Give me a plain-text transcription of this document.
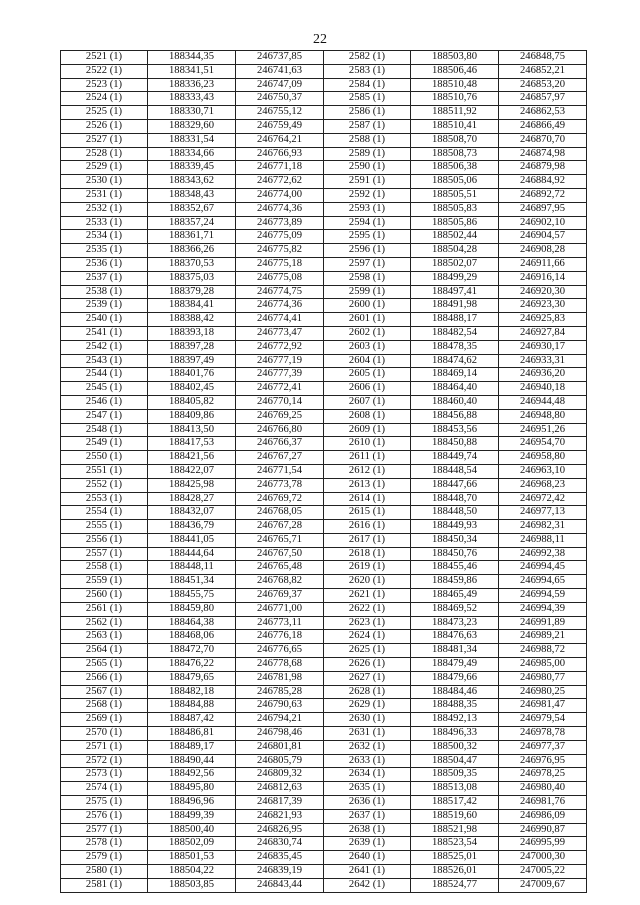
22
2521 (1)	188344,35	246737,85	2582 (1)	188503,80	246848,75
2522 (1)	188341,51	246741,63	2583 (1)	188506,46	246852,21
2523 (1)	188336,23	246747,09	2584 (1)	188510,48	246853,20
2524 (1)	188333,43	246750,37	2585 (1)	188510,76	246857,97
2525 (1)	188330,71	246755,12	2586 (1)	188511,92	246862,53
2526 (1)	188329,60	246759,49	2587 (1)	188510,41	246866,49
2527 (1)	188331,54	246764,21	2588 (1)	188508,70	246870,70
2528 (1)	188334,66	246766,93	2589 (1)	188508,73	246874,98
2529 (1)	188339,45	246771,18	2590 (1)	188506,38	246879,98
2530 (1)	188343,62	246772,62	2591 (1)	188505,06	246884,92
2531 (1)	188348,43	246774,00	2592 (1)	188505,51	246892,72
2532 (1)	188352,67	246774,36	2593 (1)	188505,83	246897,95
2533 (1)	188357,24	246773,89	2594 (1)	188505,86	246902,10
2534 (1)	188361,71	246775,09	2595 (1)	188502,44	246904,57
2535 (1)	188366,26	246775,82	2596 (1)	188504,28	246908,28
2536 (1)	188370,53	246775,18	2597 (1)	188502,07	246911,66
2537 (1)	188375,03	246775,08	2598 (1)	188499,29	246916,14
2538 (1)	188379,28	246774,75	2599 (1)	188497,41	246920,30
2539 (1)	188384,41	246774,36	2600 (1)	188491,98	246923,30
2540 (1)	188388,42	246774,41	2601 (1)	188488,17	246925,83
2541 (1)	188393,18	246773,47	2602 (1)	188482,54	246927,84
2542 (1)	188397,28	246772,92	2603 (1)	188478,35	246930,17
2543 (1)	188397,49	246777,19	2604 (1)	188474,62	246933,31
2544 (1)	188401,76	246777,39	2605 (1)	188469,14	246936,20
2545 (1)	188402,45	246772,41	2606 (1)	188464,40	246940,18
2546 (1)	188405,82	246770,14	2607 (1)	188460,40	246944,48
2547 (1)	188409,86	246769,25	2608 (1)	188456,88	246948,80
2548 (1)	188413,50	246766,80	2609 (1)	188453,56	246951,26
2549 (1)	188417,53	246766,37	2610 (1)	188450,88	246954,70
2550 (1)	188421,56	246767,27	2611 (1)	188449,74	246958,80
2551 (1)	188422,07	246771,54	2612 (1)	188448,54	246963,10
2552 (1)	188425,98	246773,78	2613 (1)	188447,66	246968,23
2553 (1)	188428,27	246769,72	2614 (1)	188448,70	246972,42
2554 (1)	188432,07	246768,05	2615 (1)	188448,50	246977,13
2555 (1)	188436,79	246767,28	2616 (1)	188449,93	246982,31
2556 (1)	188441,05	246765,71	2617 (1)	188450,34	246988,11
2557 (1)	188444,64	246767,50	2618 (1)	188450,76	246992,38
2558 (1)	188448,11	246765,48	2619 (1)	188455,46	246994,45
2559 (1)	188451,34	246768,82	2620 (1)	188459,86	246994,65
2560 (1)	188455,75	246769,37	2621 (1)	188465,49	246994,59
2561 (1)	188459,80	246771,00	2622 (1)	188469,52	246994,39
2562 (1)	188464,38	246773,11	2623 (1)	188473,23	246991,89
2563 (1)	188468,06	246776,18	2624 (1)	188476,63	246989,21
2564 (1)	188472,70	246776,65	2625 (1)	188481,34	246988,72
2565 (1)	188476,22	246778,68	2626 (1)	188479,49	246985,00
2566 (1)	188479,65	246781,98	2627 (1)	188479,66	246980,77
2567 (1)	188482,18	246785,28	2628 (1)	188484,46	246980,25
2568 (1)	188484,88	246790,63	2629 (1)	188488,35	246981,47
2569 (1)	188487,42	246794,21	2630 (1)	188492,13	246979,54
2570 (1)	188486,81	246798,46	2631 (1)	188496,33	246978,78
2571 (1)	188489,17	246801,81	2632 (1)	188500,32	246977,37
2572 (1)	188490,44	246805,79	2633 (1)	188504,47	246976,95
2573 (1)	188492,56	246809,32	2634 (1)	188509,35	246978,25
2574 (1)	188495,80	246812,63	2635 (1)	188513,08	246980,40
2575 (1)	188496,96	246817,39	2636 (1)	188517,42	246981,76
2576 (1)	188499,39	246821,93	2637 (1)	188519,60	246986,09
2577 (1)	188500,40	246826,95	2638 (1)	188521,98	246990,87
2578 (1)	188502,09	246830,74	2639 (1)	188523,54	246995,99
2579 (1)	188501,53	246835,45	2640 (1)	188525,01	247000,30
2580 (1)	188504,22	246839,19	2641 (1)	188526,01	247005,22
2581 (1)	188503,85	246843,44	2642 (1)	188524,77	247009,67
